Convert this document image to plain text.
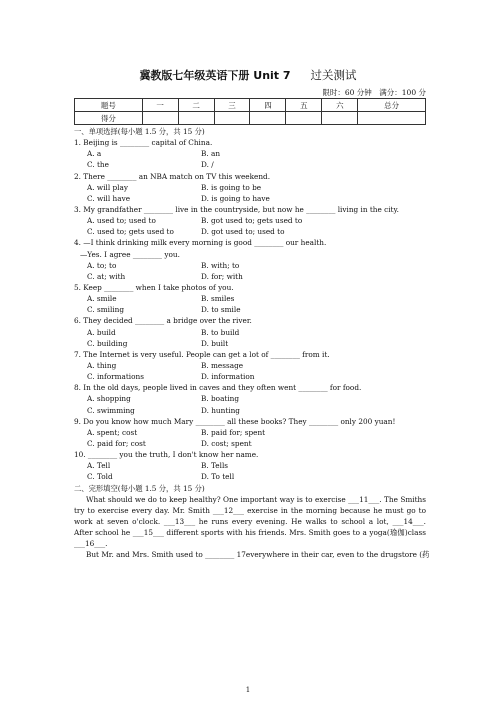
冀教版七年级英语下册 Unit 7 过关测试
限时：60 分钟　满分：100 分
题号	一	二	三	四	五	六	总分
得分							
一、单项选择(每小题 1.5 分，共 15 分)
1. Beijing is ________ capital of China.
A. a	B. an
C. the	D. /
2. There ________ an NBA match on TV this weekend.
A. will play	B. is going to be
C. will have	D. is going to have
3. My grandfather ________ live in the countryside, but now he ________ living in the city.
A. used to; used to	B. got used to; gets used to
C. used to; gets used to	D. got used to; used to
4. —I think drinking milk every morning is good ________ our health.
—Yes. I agree ________ you.
A. to; to	B. with; to
C. at; with	D. for; with
5. Keep ________ when I take photos of you.
A. smile	B. smiles
C. smiling	D. to smile
6. They decided ________ a bridge over the river.
A. build	B. to build
C. building	D. built
7. The Internet is very useful. People can get a lot of ________ from it.
A. thing	B. message
C. informations	D. information
8. In the old days, people lived in caves and they often went ________ for food.
A. shopping	B. boating
C. swimming	D. hunting
9. Do you know how much Mary ________ all these books? They ________ only 200 yuan!
A. spent; cost	B. paid for; spent
C. paid for; cost	D. cost; spent
10. ________ you the truth, I don't know her name.
A. Tell	B. Tells
C. Told	D. To tell
二、完形填空(每小题 1.5 分，共 15 分)
What should we do to keep healthy? One important way is to exercise ___11___. The Smiths try to exercise every day. Mr. Smith ___12___ exercise in the morning because he must go to work at seven o'clock. ___13___ he runs every evening. He walks to school a lot, ___14___. After school he ___15___ different sports with his friends. Mrs. Smith goes to a yoga(瑜伽)class ___16___.
But Mr. and Mrs. Smith used to ________ 17everywhere in their car, even to the drugstore (药
1
